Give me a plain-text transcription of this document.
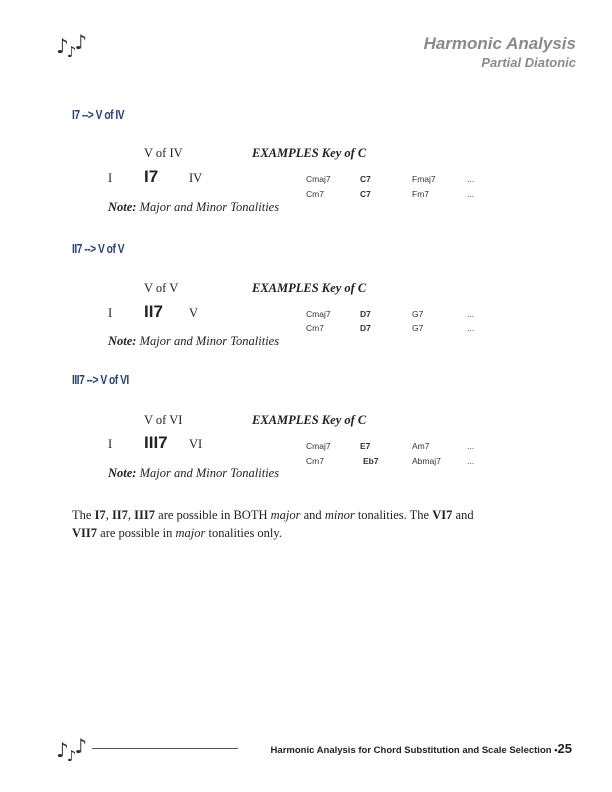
♪♪♪	Harmonic Analysis
Partial Diatonic
I7 --> V of IV
V of IV	EXAMPLES Key of C
I I7 IV	Cmaj7	C7	Fmaj7	...
Cm7	C7	Fm7	...
Note: Major and Minor Tonalities
II7 --> V of V
V of V	EXAMPLES Key of C
I II7 V	Cmaj7	D7	G7	...
Cm7	D7	G7	...
Note: Major and Minor Tonalities
III7 --> V of VI
V of VI	EXAMPLES Key of C
I III7 VI	Cmaj7	E7	Am7	...
Cm7	Eb7	Abmaj7	...
Note: Major and Minor Tonalities
The I7, II7, III7 are possible in BOTH major and minor tonalities. The VI7 and
VII7 are possible in major tonalities only.
♪♪♪	Harmonic Analysis for Chord Substitution and Scale Selection •25
